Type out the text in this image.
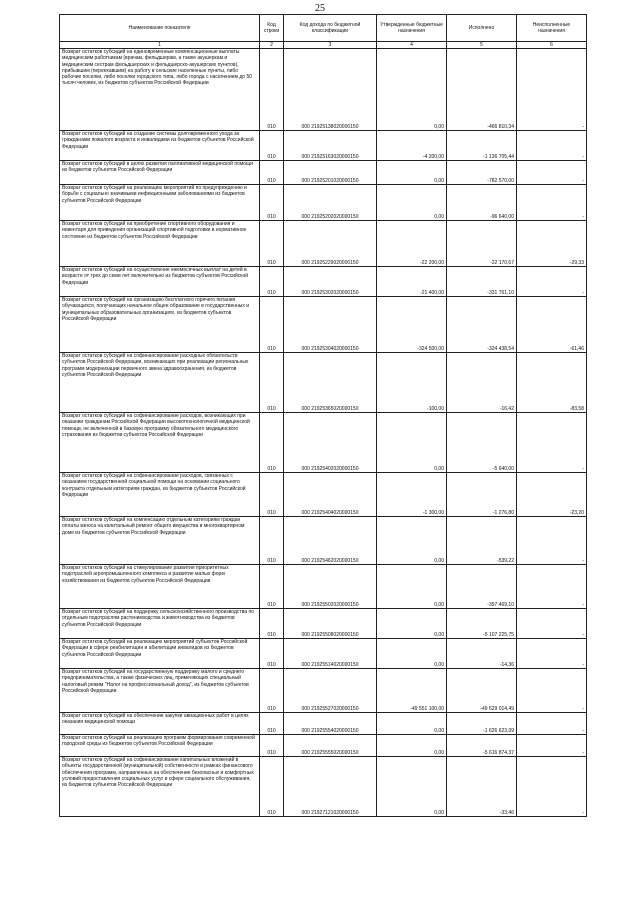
25
Наименование показателя	Код строки	Код дохода по бюджетной классификации	Утвержденные бюджетные назначения	Исполнено	Неисполненные назначения
1	2	3	4	5	6
Возврат остатков субсидий на единовременные компенсационные выплаты медицинским работникам (врачам, фельдшерам, а также акушеркам и медицинским сестрам фельдшерских и фельдшерско-акушерских пунктов), прибывшим (переехавшим) на работу в сельские населенные пункты, либо рабочие поселки, либо поселки городского типа, либо города с населением до 50 тысяч человек, из бюджетов субъектов Российской Федерации	010	000 21925138020000150	0,00	-466 810,34	-
Возврат остатков субсидий на создание системы долговременного ухода за гражданами пожилого возраста и инвалидами из бюджетов субъектов Российской Федерации	010	000 21925163020000150	-4 200,00	-1 136 705,44	-
Возврат остатков субсидий в целях развития паллиативной медицинской помощи из бюджетов субъектов Российской Федерации	010	000 21925201020000150	0,00	-782 570,00	-
Возврат остатков субсидий на реализацию мероприятий по предупреждению и борьбе с социально значимыми инфекционными заболеваниями из бюджетов субъектов Российской Федерации	010	000 21925202020000150	0,00	-96 640,00	-
Возврат остатков субсидий на приобретение спортивного оборудования и инвентаря для приведения организаций спортивной подготовки в нормативное состояние из бюджетов субъектов Российской Федерации	010	000 21925229020000150	-22 200,00	-22 170,67	-29,33
Возврат остатков субсидий на осуществление ежемесячных выплат на детей в возрасте от трех до семи лет включительно из бюджетов субъектов Российской Федерации	010	000 21925302020000150	-21 400,00	-331 761,10	-
Возврат остатков субсидий на организацию бесплатного горячего питания обучающихся, получающих начальное общее образование в государственных и муниципальных образовательных организациях, из бюджетов субъектов Российской Федерации	010	000 21925304020000150	-324 500,00	-324 438,54	-61,46
Возврат остатков субсидий на софинансирование расходных обязательств субъектов Российской Федерации, возникающих при реализации региональных программ модернизации первичного звена здравоохранения, из бюджетов субъектов Российской Федерации	010	000 21925365020000150	-100,00	-16,42	-83,58
Возврат остатков субсидий на софинансирование расходов, возникающих при оказании гражданам Российской Федерации высокотехнологичной медицинской помощи, не включенной в базовую программу обязательного медицинского страхования из бюджетов субъектов Российской Федерации	010	000 21925402020000150	0,00	-5 640,00	-
Возврат остатков субсидий на софинансирование расходов, связанных с оказанием государственной социальной помощи на основании социального контракта отдельным категориям граждан, из бюджетов субъектов Российской Федерации	010	000 21925404020000150	-1 300,00	-1 276,80	-23,20
Возврат остатков субсидий на компенсацию отдельным категориям граждан оплаты взноса на капитальный ремонт общего имущества в многоквартирном доме из бюджетов субъектов Российской Федерации	010	000 21925462020000150	0,00	-539,22	-
Возврат остатков субсидий на стимулирование развития приоритетных подотраслей агропромышленного комплекса и развитие малых форм хозяйствования из бюджетов субъектов Российской Федерации	010	000 21925502020000150	0,00	-397 469,10	-
Возврат остатков субсидий на поддержку сельскохозяйственного производства по отдельным подотраслям растениеводства и животноводства из бюджетов субъектов Российской Федерации	010	000 21925508020000150	0,00	-5 107 225,75	-
Возврат остатков субсидий на реализацию мероприятий субъектов Российской Федерации в сфере реабилитации и абилитации инвалидов из бюджетов субъектов Российской Федерации	010	000 21925514020000150	0,00	-14,36	-
Возврат остатков субсидий на государственную поддержку малого и среднего предпринимательства, а также физических лиц, применяющих специальный налоговый режим "Налог на профессиональный доход", из бюджетов субъектов Российской Федерации	010	000 21925527020000150	-49 551 100,00	-49 629 014,49	-
Возврат остатков субсидий на обеспечение закупки авиационных работ в целях оказания медицинской помощи	010	000 21925554020000150	0,00	-1 626 623,09	-
Возврат остатков субсидий на реализацию программ формирования современной городской среды из бюджетов субъектов Российской Федерации	010	000 21925555020000150	0,00	-5 616 874,37	-
Возврат остатков субсидий на софинансирование капитальных вложений в объекты государственной (муниципальной) собственности в рамках финансового обеспечения программ, направленных на обеспечение безопасных и комфортных условий предоставления социальных услуг в сфере социального обслуживания, из бюджетов субъектов Российской Федерации	010	000 21927121020000150	0,00	-33,46	-
